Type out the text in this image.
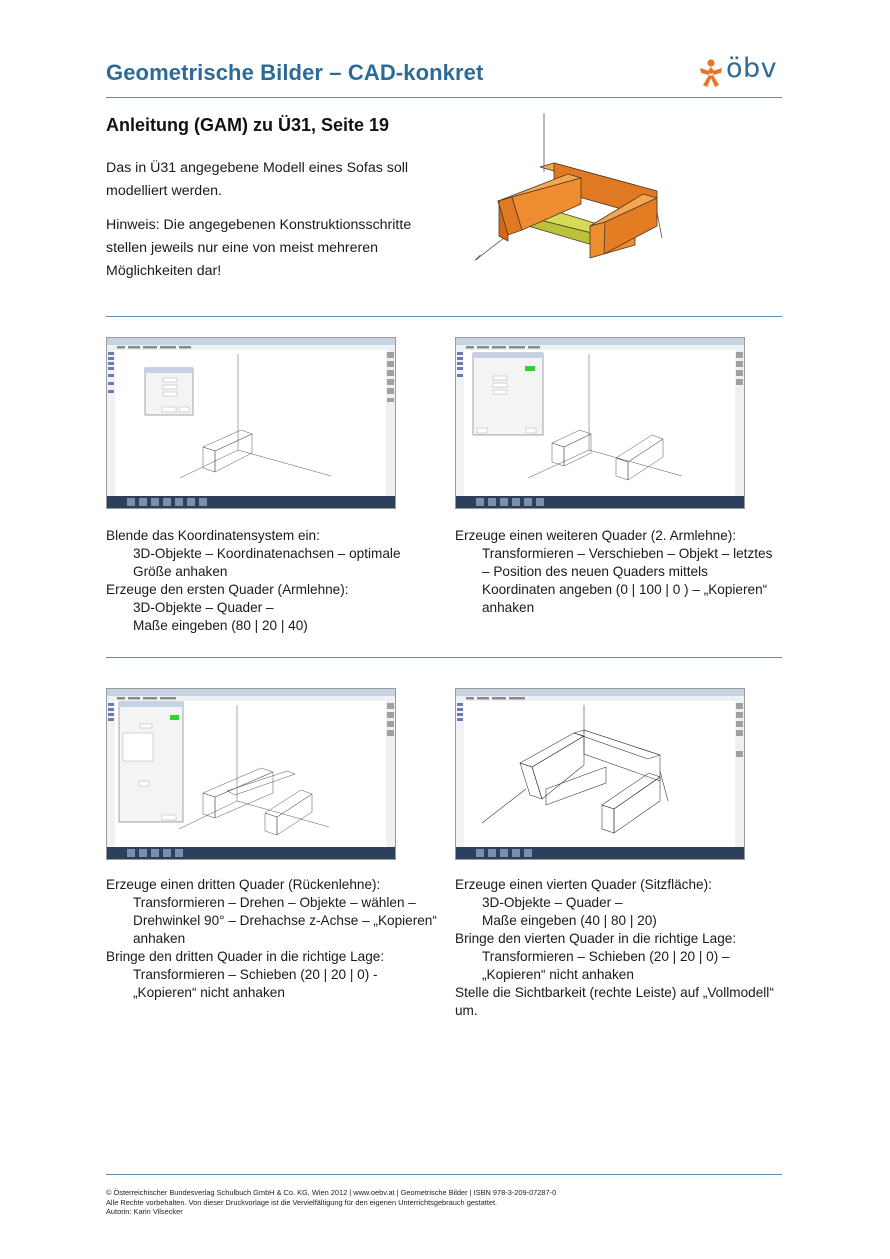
Geometrische Bilder – CAD-konkret	öbv
Anleitung (GAM) zu Ü31, Seite 19

Das in Ü31 angegebene Modell eines Sofas soll modelliert werden.

Hinweis: Die angegebenen Konstruktionsschritte stellen jeweils nur eine von meist mehreren Möglichkeiten dar!

Blende das Koordinatensystem ein:
3D-Objekte – Koordinatenachsen – optimale
Größe anhaken
Erzeuge den ersten Quader (Armlehne):
3D-Objekte – Quader –
Maße eingeben (80 | 20 | 40)
Erzeuge einen weiteren Quader (2. Armlehne):
Transformieren – Verschieben – Objekt – letztes
– Position des neuen Quaders mittels
Koordinaten angeben (0 | 100 | 0 ) – „Kopieren“
anhaken
Erzeuge einen dritten Quader (Rückenlehne):
Transformieren – Drehen – Objekte – wählen –
Drehwinkel 90° – Drehachse z-Achse – „Kopieren“
anhaken
Bringe den dritten Quader in die richtige Lage:
Transformieren – Schieben (20 | 20 | 0) -
„Kopieren“ nicht anhaken
Erzeuge einen vierten Quader (Sitzfläche):
3D-Objekte – Quader –
Maße eingeben (40 | 80 | 20)
Bringe den vierten Quader in die richtige Lage:
Transformieren – Schieben (20 | 20 | 0) –
„Kopieren“ nicht anhaken
Stelle die Sichtbarkeit (rechte Leiste) auf „Vollmodell“
um.
© Österreichischer Bundesverlag Schulbuch GmbH & Co. KG, Wien 2012 | www.oebv.at | Geometrische Bilder | ISBN 978-3-209-07287-0
Alle Rechte vorbehalten. Von dieser Druckvorlage ist die Vervielfältigung für den eigenen Unterrichtsgebrauch gestattet.
Autorin: Karin Vilsecker
